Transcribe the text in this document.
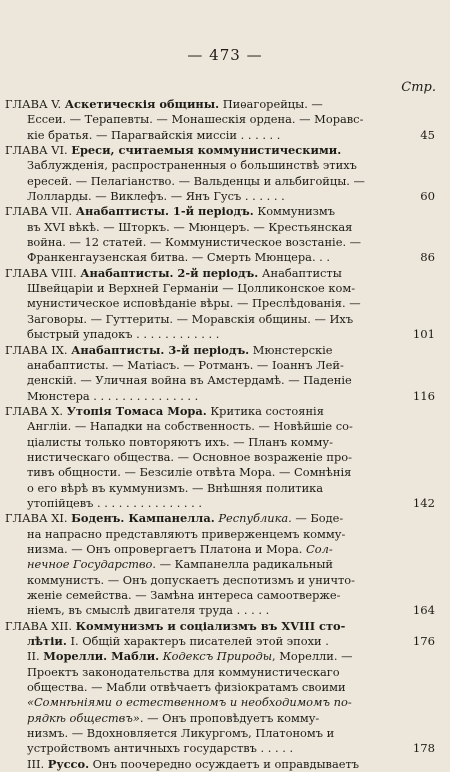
— 473 —
Стр.
ГЛАВА V. Аскетическія общины. Пиѳагорейцы. —
Ессеи. — Терапевты. — Монашескія ордена. — Моравс-
кіе братья. — Парагвайскія миссіи . . . . . .	45
ГЛАВА VI. Ереси, считаемыя коммунистическими.
Заблужденія, распространенныя о большинствѣ этихъ
ересей. — Пелагіанство. — Вальденцы и альбигойцы. —
Лолларды. — Виклефъ. — Янъ Гусъ . . . . . .	60
ГЛАВА VII. Анабаптисты. 1-й періодъ. Коммунизмъ
въ XVI вѣкѣ. — Шторкъ. — Мюнцеръ. — Крестьянская
война. — 12 статей. — Коммунистическое возстаніе. —
Франкенгаузенская битва. — Смерть Мюнцера. . .	86
ГЛАВА VIII. Анабаптисты. 2-й періодъ. Анабаптисты
Швейцаріи и Верхней Германіи — Цолликонское ком-
мунистическое исповѣданіе вѣры. — Преслѣдованія. —
Заговоры. — Гуттериты. — Моравскія общины. — Ихъ
быстрый упадокъ . . . . . . . . . . . .	101
ГЛАВА IX. Анабаптисты. 3-й періодъ. Мюнстерскіе
анабаптисты. — Матіасъ. — Ротманъ. — Іоаннъ Лей-
денскій. — Уличная война въ Амстердамѣ. — Паденіе
Мюнстера . . . . . . . . . . . . . . .	116
ГЛАВА X. Утопія Томаса Мора. Критика состоянія
Англіи. — Нападки на собственность. — Новѣйшіе со-
ціалисты только повторяютъ ихъ. — Планъ комму-
нистическаго общества. — Основное возраженіе про-
тивъ общности. — Безсиліе отвѣта Мора. — Сомнѣнія
о его вѣрѣ въ куммунизмъ. — Внѣшняя политика
утопійцевъ . . . . . . . . . . . . . . .	142
ГЛАВА XI. Боденъ. Кампанелла. Республика. — Боде-
на напрасно представляютъ приверженцемъ комму-
низма. — Онъ опровергаетъ Платона и Мора. Сол-
нечное Государство. — Кампанелла радикальный
коммунистъ. — Онъ допускаетъ деспотизмъ и уничто-
женіе семейства. — Замѣна интереса самоотверже-
ніемъ, въ смыслѣ двигателя труда . . . . .	164
ГЛАВА XII. Коммунизмъ и соціализмъ въ XVIII сто-
лѣтіи. I. Общій характеръ писателей этой эпохи .	176
II. Морелли. Мабли. Кодексъ Природы, Морелли. —
Проектъ законодательства для коммунистическаго
общества. — Мабли отвѣчаетъ физіократамъ своими
«Сомнѣніями о естественномъ и необходимомъ по-
рядкѣ обществъ». — Онъ проповѣдуетъ комму-
низмъ. — Вдохновляется Ликургомъ, Платономъ и
устройствомъ античныхъ государствъ . . . . .	178
III. Руссо. Онъ поочередно осуждаетъ и оправдываетъ
